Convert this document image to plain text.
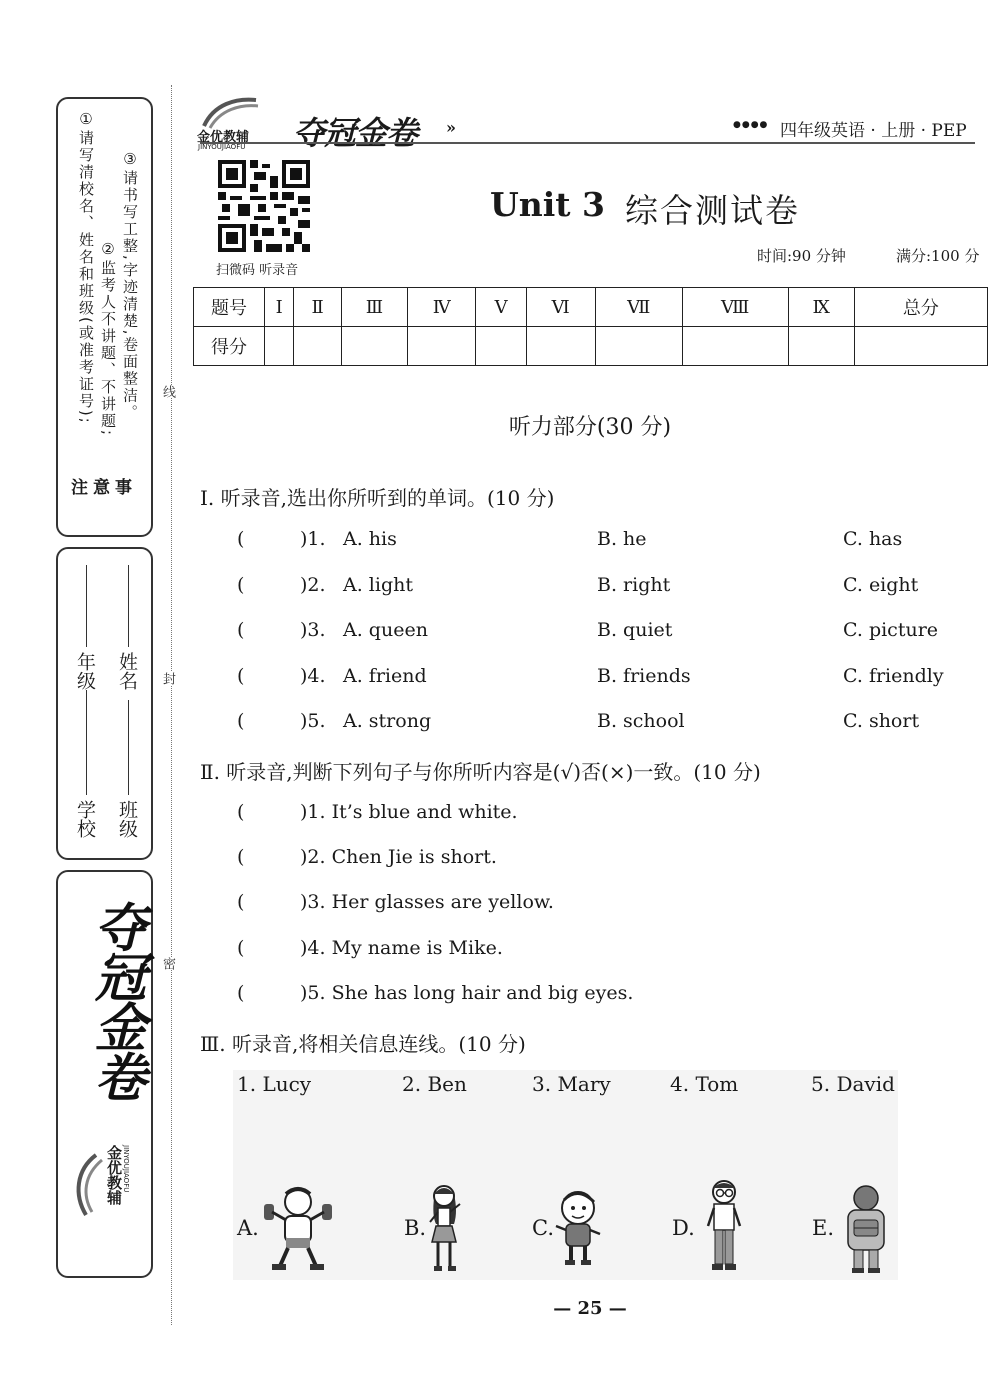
注 意 事
①请写清校名、姓名和班级(或准考证号); ②监考人不讲题、不讲题; ③请书写工整,字迹清楚,卷面整洁。
学校
年级
班级
姓名
夺冠金卷
金优教辅 JINYOUJIAOFU
线
封
密
金优教辅
JINYOUJIAOFU 夺冠金卷 »	●●●● 四年级英语 · 上册 · PEP
扫微码 听录音
Unit 3 综合测试卷
时间:90 分钟	满分:100 分
题号	Ⅰ	Ⅱ	Ⅲ	Ⅳ	Ⅴ	Ⅵ	Ⅶ	Ⅷ	Ⅸ	总分
得分										
听力部分(30 分)
Ⅰ. 听录音,选出你所听到的单词。(10 分)
(	)1. A. his	B. he	C. has
(	)2. A. light	B. right	C. eight
(	)3. A. queen	B. quiet	C. picture
(	)4. A. friend	B. friends	C. friendly
(	)5. A. strong	B. school	C. short
Ⅱ. 听录音,判断下列句子与你所听内容是(√)否(×)一致。(10 分)
(	)1. It’s blue and white.
(	)2. Chen Jie is short.
(	)3. Her glasses are yellow.
(	)4. My name is Mike.
(	)5. She has long hair and big eyes.
Ⅲ. 听录音,将相关信息连线。(10 分)
1. Lucy	2. Ben	3. Mary	4. Tom	5. David
A.	B.	C.	D.	E.
— 25 —
